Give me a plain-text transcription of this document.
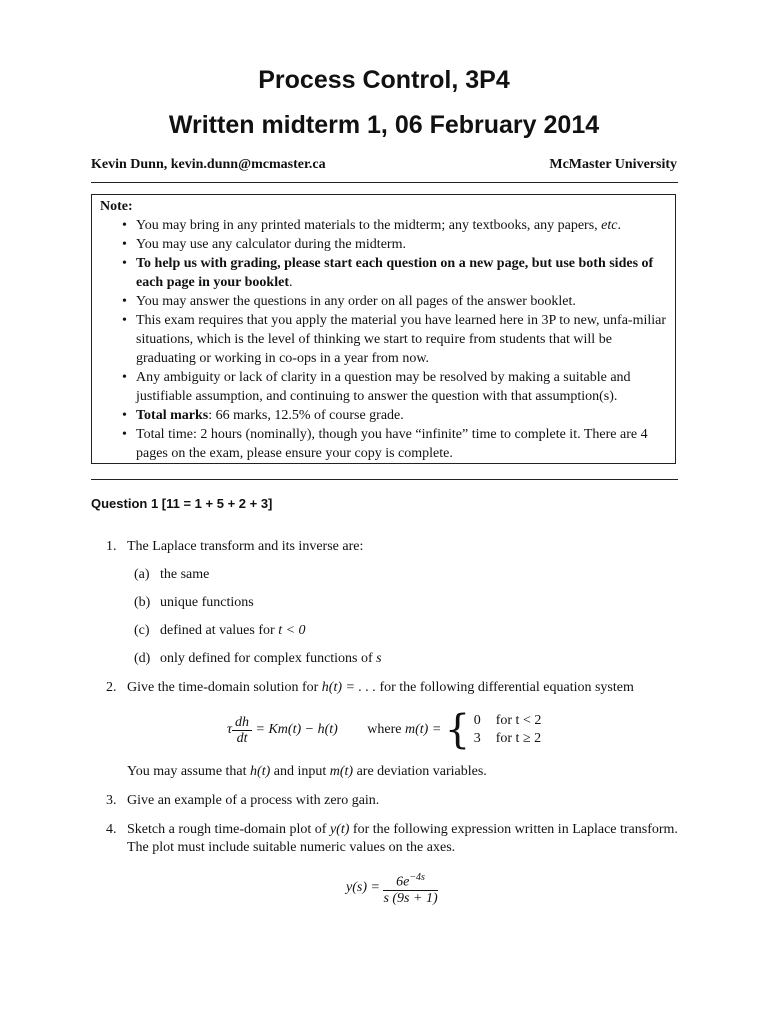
Process Control, 3P4
Written midterm 1, 06 February 2014
Kevin Dunn, kevin.dunn@mcmaster.ca	McMaster University
Note:
• You may bring in any printed materials to the midterm; any textbooks, any papers, etc.
• You may use any calculator during the midterm.
• To help us with grading, please start each question on a new page, but use both sides of each page in your booklet.
• You may answer the questions in any order on all pages of the answer booklet.
• This exam requires that you apply the material you have learned here in 3P to new, unfa-miliar situations, which is the level of thinking we start to require from students that will be graduating or working in co-ops in a year from now.
• Any ambiguity or lack of clarity in a question may be resolved by making a suitable and justifiable assumption, and continuing to answer the question with that assumption(s).
• Total marks: 66 marks, 12.5% of course grade.
• Total time: 2 hours (nominally), though you have “infinite” time to complete it. There are 4 pages on the exam, please ensure your copy is complete.
Question 1 [11 = 1 + 5 + 2 + 3]
1. The Laplace transform and its inverse are:
(a) the same
(b) unique functions
(c) defined at values for t < 0
(d) only defined for complex functions of s
2. Give the time-domain solution for h(t) = . . . for the following differential equation system
τ $\frac{dh}{dt} = Km(t) - h(t)$ where m(t) = { 0 for t < 2
3 for t ≥ 2
You may assume that h(t) and input m(t) are deviation variables.
3. Give an example of a process with zero gain.
4. Sketch a rough time-domain plot of y(t) for the following expression written in Laplace transform. The plot must include suitable numeric values on the axes.
$y(s) = \frac{6e^{-4s}}{s (9s + 1)}$
